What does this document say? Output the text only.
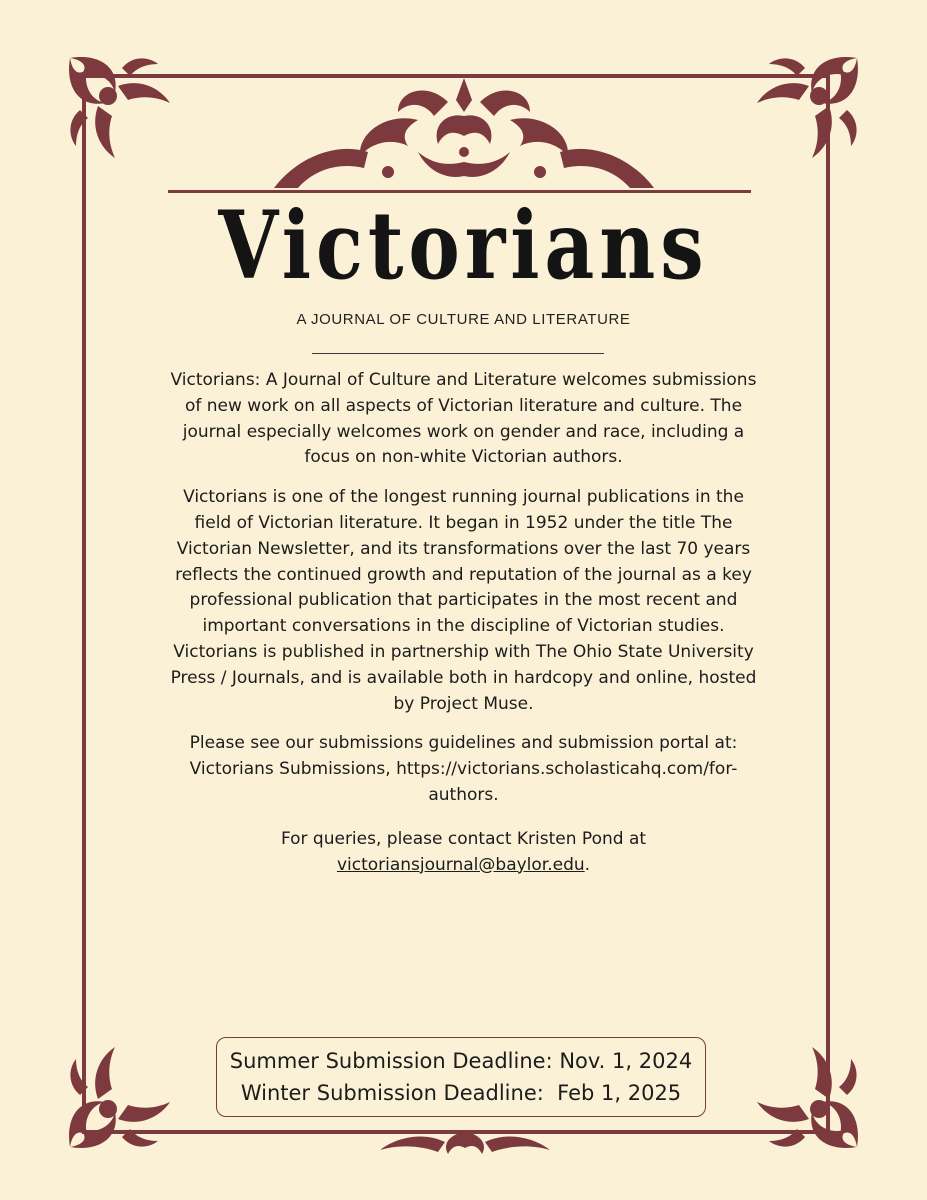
Victorians
A JOURNAL OF CULTURE AND LITERATURE

Victorians: A Journal of Culture and Literature welcomes submissions of new work on all aspects of Victorian literature and culture. The journal especially welcomes work on gender and race, including a focus on non-white Victorian authors.

Victorians is one of the longest running journal publications in the field of Victorian literature. It began in 1952 under the title The Victorian Newsletter, and its transformations over the last 70 years reflects the continued growth and reputation of the journal as a key professional publication that participates in the most recent and important conversations in the discipline of Victorian studies. Victorians is published in partnership with The Ohio State University Press / Journals, and is available both in hardcopy and online, hosted by Project Muse.

Please see our submissions guidelines and submission portal at: Victorians Submissions, https://victorians.scholasticahq.com/for-authors.

For queries, please contact Kristen Pond at
victoriansjournal@baylor.edu.

Summer Submission Deadline: Nov. 1, 2024
Winter Submission Deadline:  Feb 1, 2025
